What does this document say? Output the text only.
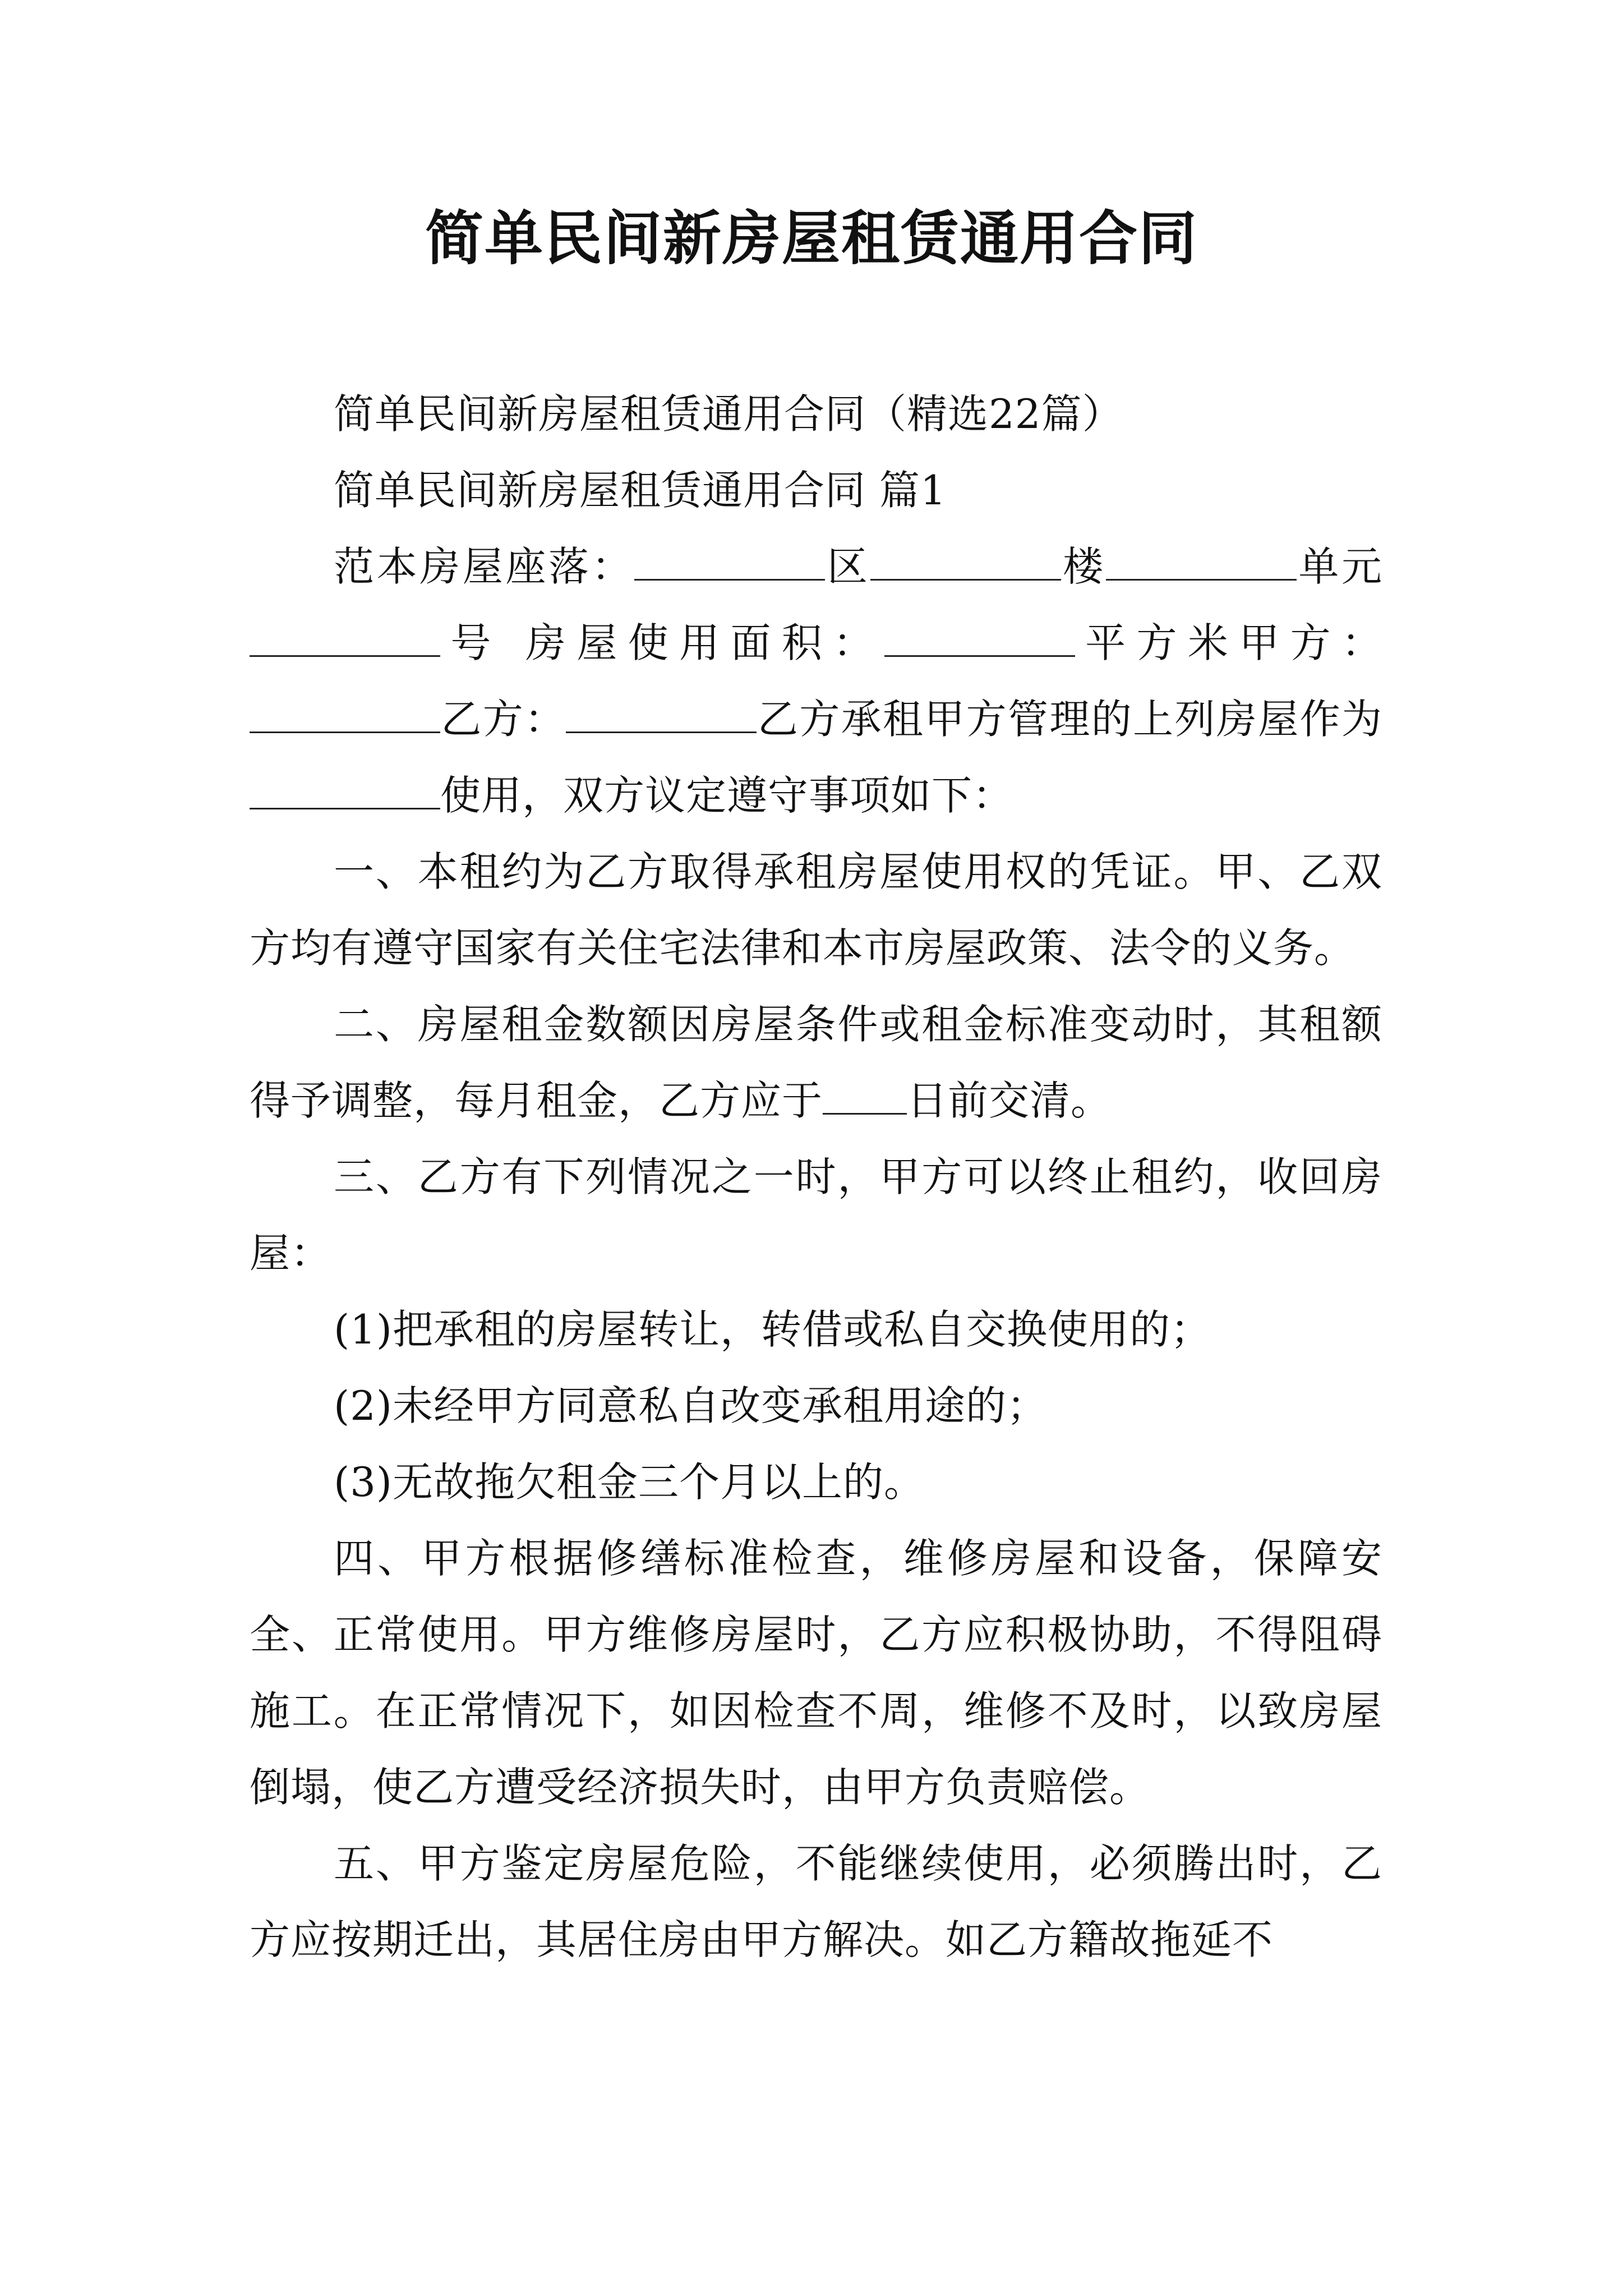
简单民间新房屋租赁通用合同

简单民间新房屋租赁通用合同（精选22篇）

简单民间新房屋租赁通用合同 篇1

范本房屋座落：	区	楼	单元号 房屋使用面积：	平方米甲方：乙方：	乙方承租甲方管理的上列房屋作为使用，双方议定遵守事项如下：

一、本租约为乙方取得承租房屋使用权的凭证。甲、乙双方均有遵守国家有关住宅法律和本市房屋政策、法令的义务。

二、房屋租金数额因房屋条件或租金标准变动时，其租额得予调整，每月租金，乙方应于 日前交清。

三、乙方有下列情况之一时，甲方可以终止租约，收回房屋：

(1)把承租的房屋转让，转借或私自交换使用的；

(2)未经甲方同意私自改变承租用途的；

(3)无故拖欠租金三个月以上的。

四、甲方根据修缮标准检查，维修房屋和设备，保障安全、正常使用。甲方维修房屋时，乙方应积极协助，不得阻碍施工。在正常情况下，如因检查不周，维修不及时，以致房屋倒塌，使乙方遭受经济损失时，由甲方负责赔偿。

五、甲方鉴定房屋危险，不能继续使用，必须腾出时，乙方应按期迁出，其居住房由甲方解决。如乙方籍故拖延不
